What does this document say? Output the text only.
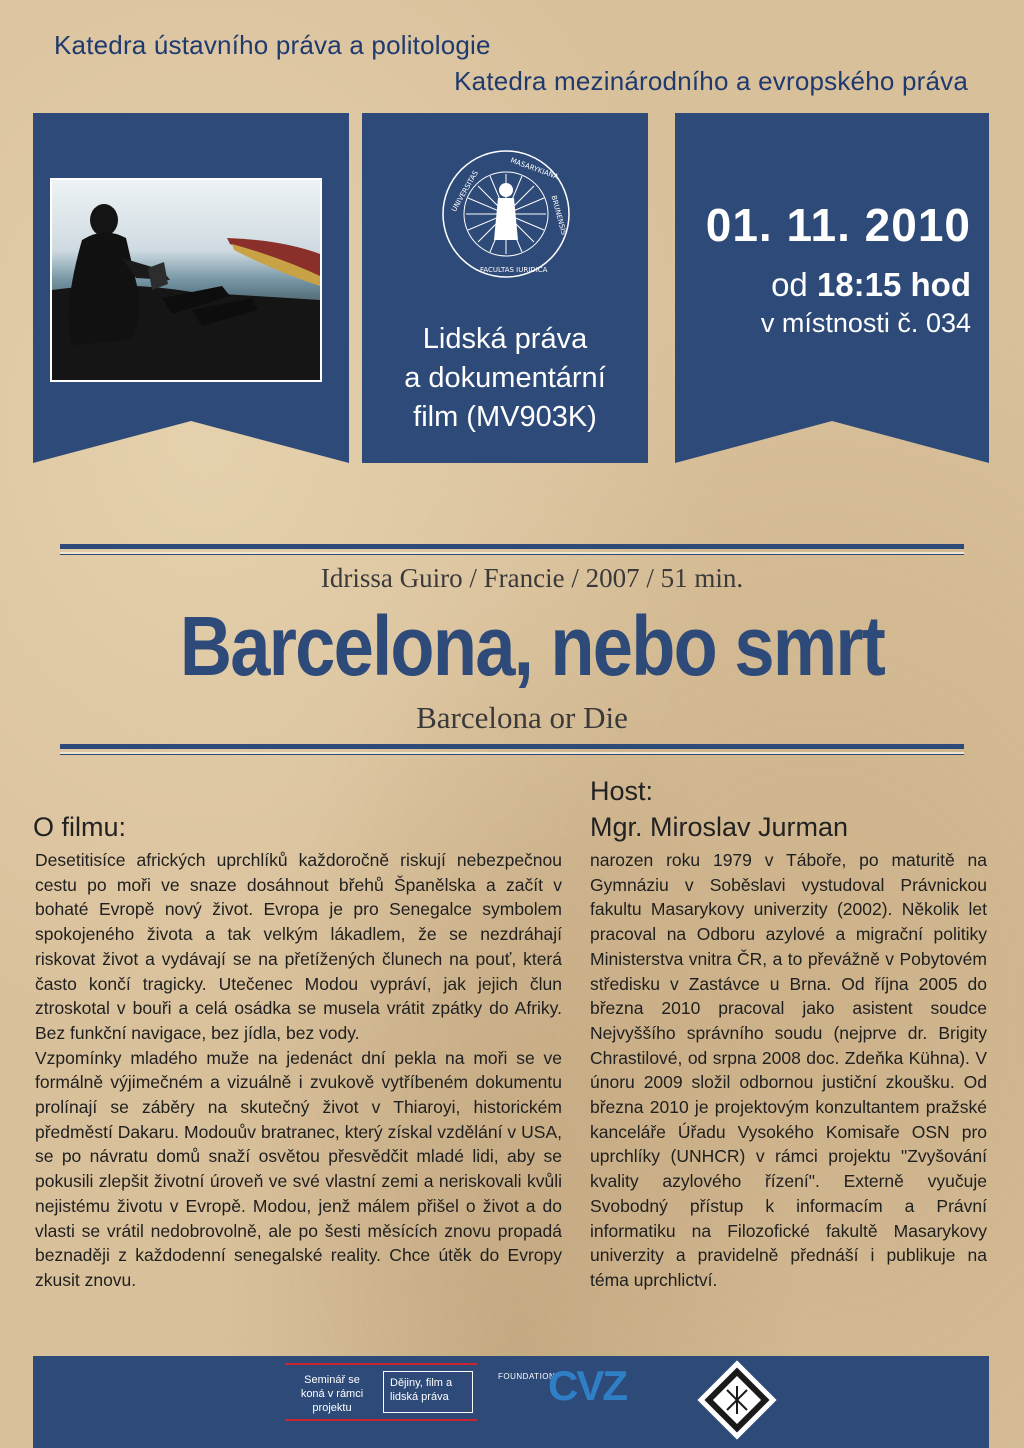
Katedra ústavního práva a politologie
Katedra mezinárodního a evropského práva
UNIVERSITAS
MASARYKIANA
BRUNENSIS
FACULTAS IURIDICA
Lidská práva
a dokumentární
film (MV903K)
01. 11. 2010
od 18:15 hod
v místnosti č. 034
Idrissa Guiro / Francie / 2007 / 51 min.
Barcelona, nebo smrt
Barcelona or Die
O filmu:

Desetitisíce afrických uprchlíků každoročně riskují nebezpečnou cestu po moři ve snaze dosáhnout břehů Španělska a začít v bohaté Evropě nový život. Evropa je pro Senegalce symbolem spokojeného života a tak velkým lákadlem, že se nezdráhají riskovat život a vydávají se na přetížených člunech na pouť, která často končí tragicky. Utečenec Modou vypráví, jak jejich člun ztroskotal v bouři a celá osádka se musela vrátit zpátky do Afriky. Bez funkční navigace, bez jídla, bez vody.

Vzpomínky mladého muže na jedenáct dní pekla na moři se ve formálně výjimečném a vizuálně i zvukově vytříbeném dokumentu prolínají se záběry na skutečný život v Thiaroyi, historickém předměstí Dakaru. Modouův bratranec, který získal vzdělání v USA, se po návratu domů snaží osvětou přesvědčit mladé lidi, aby se pokusili zlepšit životní úroveň ve své vlastní zemi a neriskovali kvůli nejistému životu v Evropě. Modou, jenž málem přišel o život a do vlasti se vrátil nedobrovolně, ale po šesti měsících znovu propadá beznaději z každodenní senegalské reality. Chce útěk do Evropy zkusit znovu.

Host:
Mgr. Miroslav Jurman
narozen roku 1979 v Táboře, po maturitě na Gymnáziu v Soběslavi vystudoval Právnickou fakultu Masarykovy univerzity (2002). Několik let pracoval na Odboru azylové a migrační politiky Ministerstva vnitra ČR, a to převážně v Pobytovém středisku v Zastávce u Brna. Od října 2005 do března 2010 pracoval jako asistent soudce Nejvyššího správního soudu (nejprve dr. Brigity Chrastilové, od srpna 2008 doc. Zdeňka Kühna). V únoru 2009 složil odbornou justiční zkoušku. Od března 2010 je projektovým konzultantem pražské kanceláře Úřadu Vysokého Komisaře OSN pro uprchlíky (UNHCR) v rámci projektu "Zvyšování kvality azylového řízení". Externě vyučuje Svobodný přístup k informacím a Právní informatiku na Filozofické fakultě Masarykovy univerzity a pravidelně přednáší i publikuje na téma uprchlictví.
Seminář se koná v rámci projektu
Dějiny, film a lidská práva
FOUNDATION
CVZ
